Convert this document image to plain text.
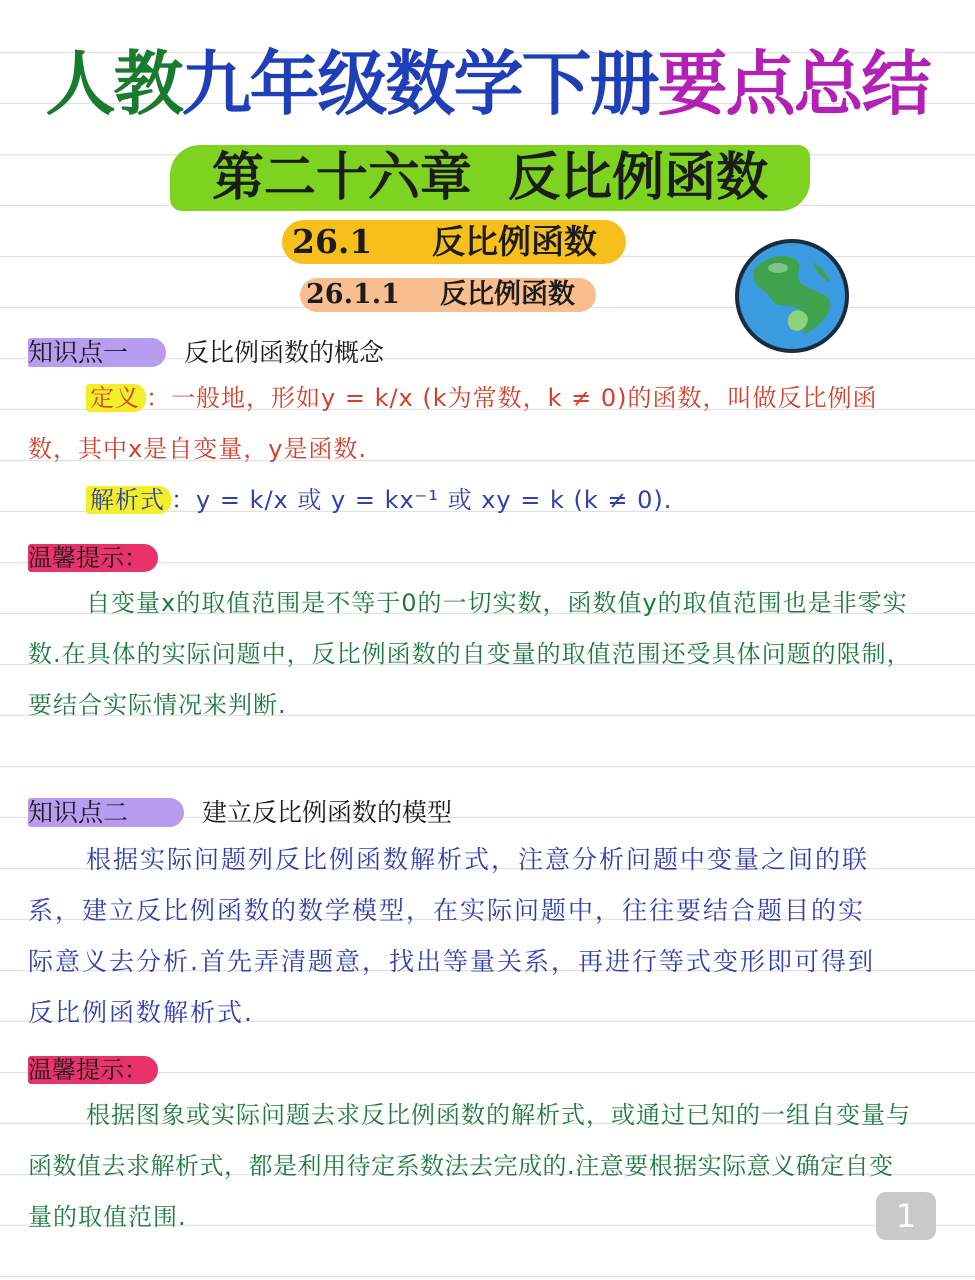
人教九年级数学下册要点总结
第二十六章 反比例函数

26.1

反比例函数

26.1.1

反比例函数

知识点一 反比例函数的概念
定义 ：一般地，形如y = k/x (k为常数，k ≠ 0)的函数，叫做反比例函
数，其中x是自变量，y是函数.
解析式 ：y = k/x 或 y = kx⁻¹ 或 xy = k (k ≠ 0).
温馨提示：
自变量x的取值范围是不等于0的一切实数，函数值y的取值范围也是非零实
数.在具体的实际问题中，反比例函数的自变量的取值范围还受具体问题的限制，
要结合实际情况来判断.
知识点二	建立反比例函数的模型
根据实际问题列反比例函数解析式，注意分析问题中变量之间的联
系，建立反比例函数的数学模型，在实际问题中，往往要结合题目的实
际意义去分析.首先弄清题意，找出等量关系，再进行等式变形即可得到
反比例函数解析式.
温馨提示：
根据图象或实际问题去求反比例函数的解析式，或通过已知的一组自变量与
函数值去求解析式，都是利用待定系数法去完成的.注意要根据实际意义确定自变
量的取值范围.	1
